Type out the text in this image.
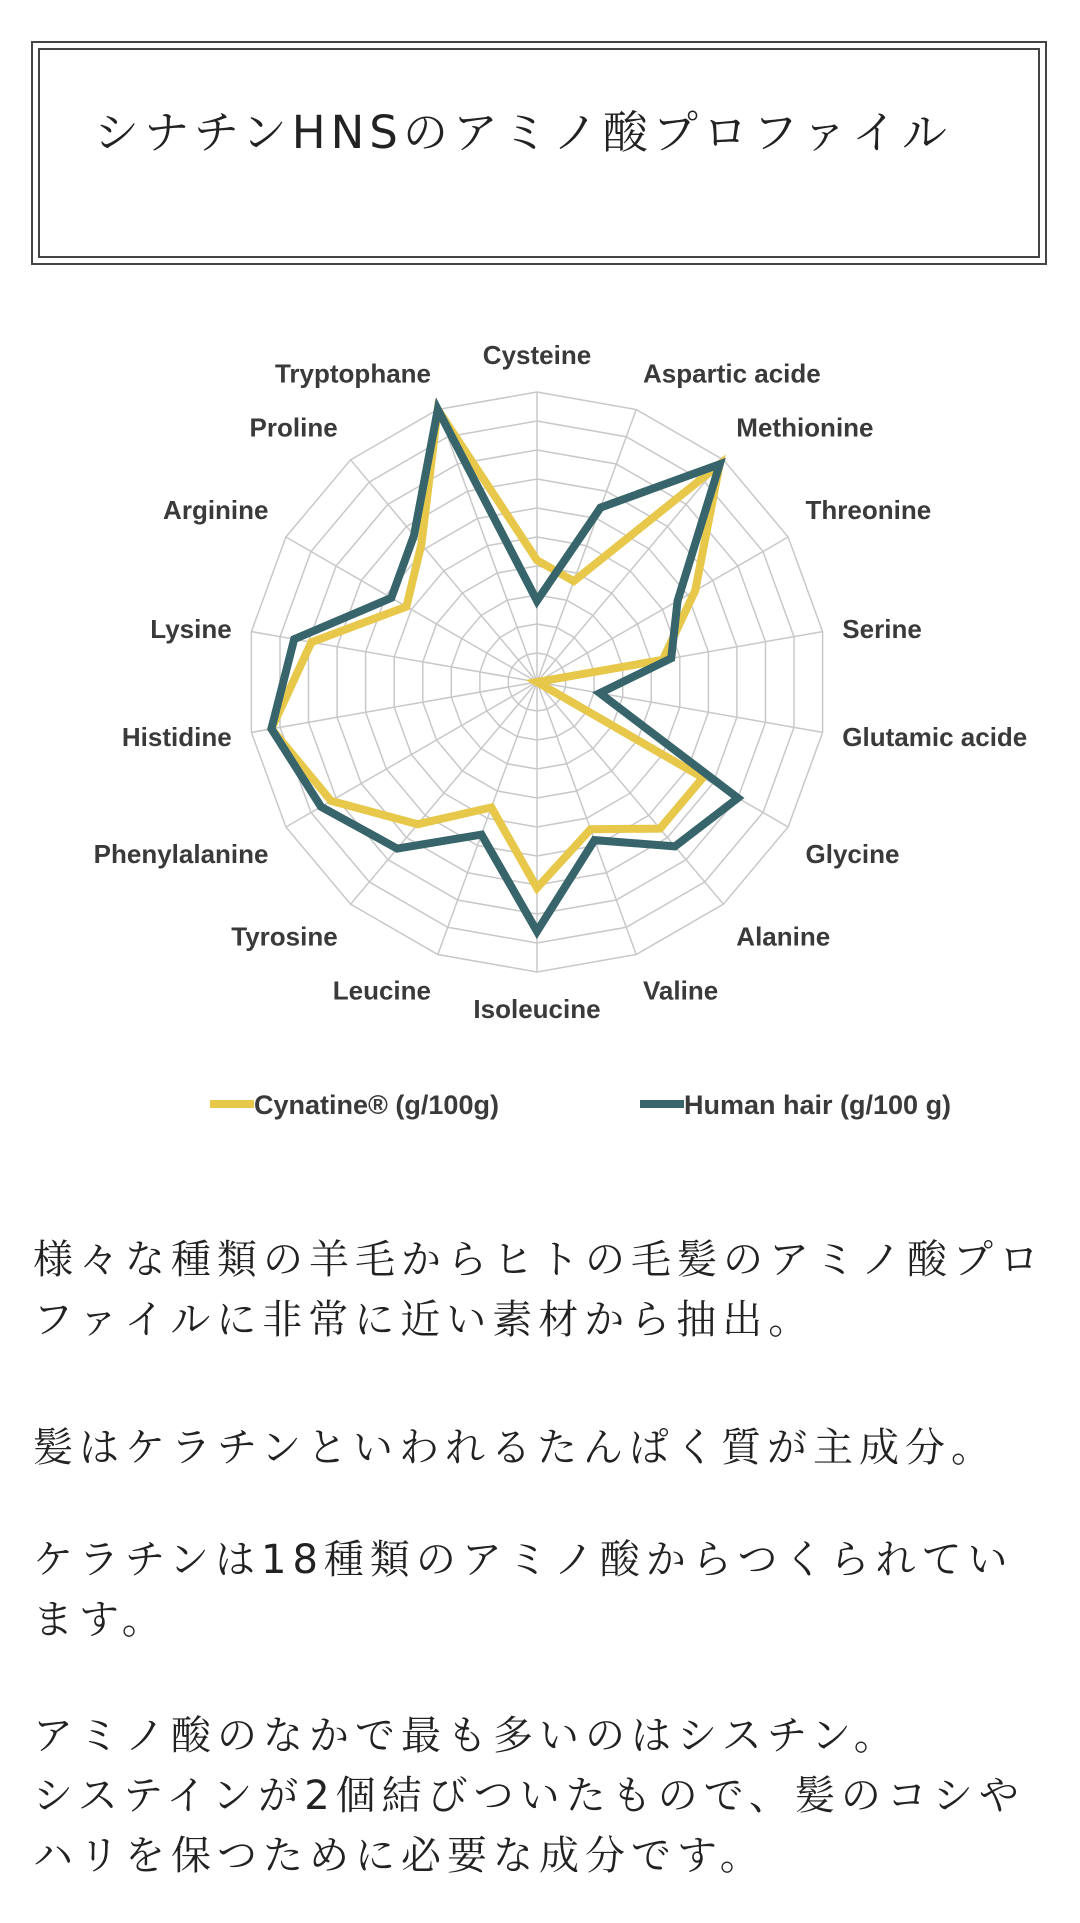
シナチンHNSのアミノ酸プロファイル
Cysteine
Aspartic acide
Methionine
Threonine
Serine
Glutamic acide
Glycine
Alanine
Valine
Isoleucine
Leucine
Tyrosine
Phenylalanine
Histidine
Lysine
Arginine
Proline
Tryptophane
Cynatine® (g/100g)	Human hair (g/100 g)

様々な種類の羊毛からヒトの毛髪のアミノ酸プロファイルに非常に近い素材から抽出。

髪はケラチンといわれるたんぱく質が主成分。

ケラチンは18種類のアミノ酸からつくられています。

アミノ酸のなかで最も多いのはシスチン。
システインが2個結びついたもので、髪のコシやハリを保つために必要な成分です。
